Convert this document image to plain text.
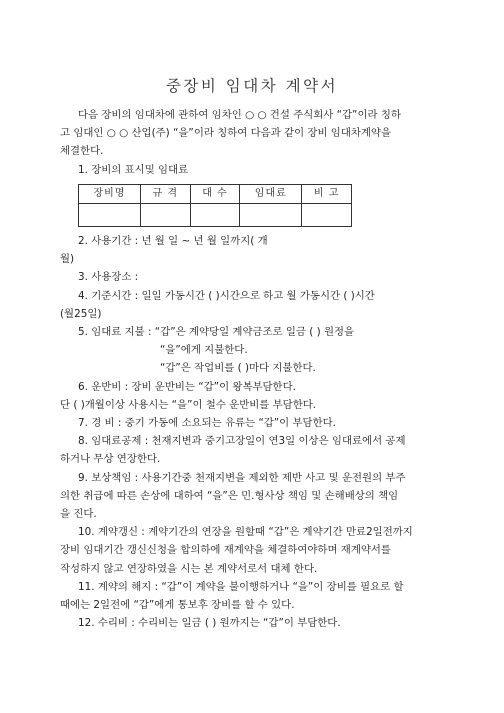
중장비 임대차 계약서
다음 장비의 임대차에 관하여 임차인 ○ ○ 건설 주식회사 “갑”이라 칭하
고 임대인 ○ ○ 산업(주) “을”이라 칭하여 다음과 같이 장비 임대차계약을
체결한다.
1. 장비의 표시및 임대료
장비명	규 격	대 수	임대료	비 고

2. 사용기간 : 년 월 일 ~ 년 월 일까지( 개
월)
3. 사용장소 :
4. 기준시간 : 일일 가동시간 ( )시간으로 하고 월 가동시간 ( )시간
(월25일)
5. 임대료 지불 : “갑”은 계약당일 계약금조로 일금 ( ) 원정을
“을”에게 지불한다.
“갑”은 작업비를 ( )마다 지불한다.
6. 운반비 : 장비 운반비는 “갑”이 왕복부담한다.
단 ( )개월이상 사용시는 “을”이 철수 운반비를 부담한다.
7. 경 비 : 중기 가동에 소요되는 유류는 “갑”이 부담한다.
8. 임대료공제 : 천재지변과 중기고장일이 연3일 이상은 임대료에서 공제
하거나 무상 연장한다.
9. 보상책임 : 사용기간중 천재지변을 제외한 제반 사고 및 운전원의 부주
의한 취급에 따른 손상에 대하여 “을”은 민.형사상 책임 및 손해배상의 책임
을 진다.
10. 계약갱신 : 계약기간의 연장을 원할때 “갑”은 계약기간 만료2일전까지
장비 임대기간 갱신신청을 합의하에 재계약을 체결하여야하며 재계약서를
작성하지 않고 연장하였을 시는 본 계약서로서 대체 한다.
11. 계약의 해지 : “갑”이 계약을 불이행하거나 “을”이 장비를 필요로 할
때에는 2일전에 “갑”에게 통보후 장비를 할 수 있다.
12. 수리비 : 수리비는 일금 ( ) 원까지는 “갑”이 부담한다.
